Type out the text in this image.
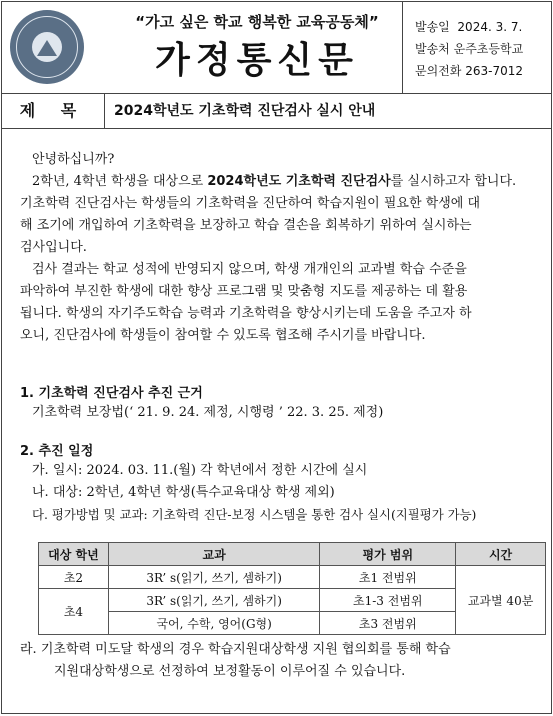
“가고 싶은 학교 행복한 교육공동체”
가정통신문
발송일 2024. 3. 7.
발송처 운주초등학교
문의전화 263-7012
제 목	2024학년도 기초학력 진단검사 실시 안내
안녕하십니까?
2학년, 4학년 학생을 대상으로 2024학년도 기초학력 진단검사를 실시하고자 합니다.
기초학력 진단검사는 학생들의 기초학력을 진단하여 학습지원이 필요한 학생에 대
해 조기에 개입하여 기초학력을 보장하고 학습 결손을 회복하기 위하여 실시하는
검사입니다.
검사 결과는 학교 성적에 반영되지 않으며, 학생 개개인의 교과별 학습 수준을
파악하여 부진한 학생에 대한 향상 프로그램 및 맞춤형 지도를 제공하는 데 활용
됩니다. 학생의 자기주도학습 능력과 기초학력을 향상시키는데 도움을 주고자 하
오니, 진단검사에 학생들이 참여할 수 있도록 협조해 주시기를 바랍니다.
1. 기초학력 진단검사 추진 근거
기초학력 보장법(‘ 21. 9. 24. 제정, 시행령 ’ 22. 3. 25. 제정)
2. 추진 일정
가. 일시: 2024. 03. 11.(월) 각 학년에서 정한 시간에 실시
나. 대상: 2학년, 4학년 학생(특수교육대상 학생 제외)
다. 평가방법 및 교과: 기초학력 진단-보정 시스템을 통한 검사 실시(지필평가 가능)
대상 학년	교과	평가 범위	시간
초2	3R’ s(읽기, 쓰기, 셈하기)	초1 전범위	교과별 40분
초4	3R’ s(읽기, 쓰기, 셈하기)	초1-3 전범위	
	국어, 수학, 영어(G형)	초3 전범위	
라. 기초학력 미도달 학생의 경우 학습지원대상학생 지원 협의회를 통해 학습
지원대상학생으로 선정하여 보정활동이 이루어질 수 있습니다.
